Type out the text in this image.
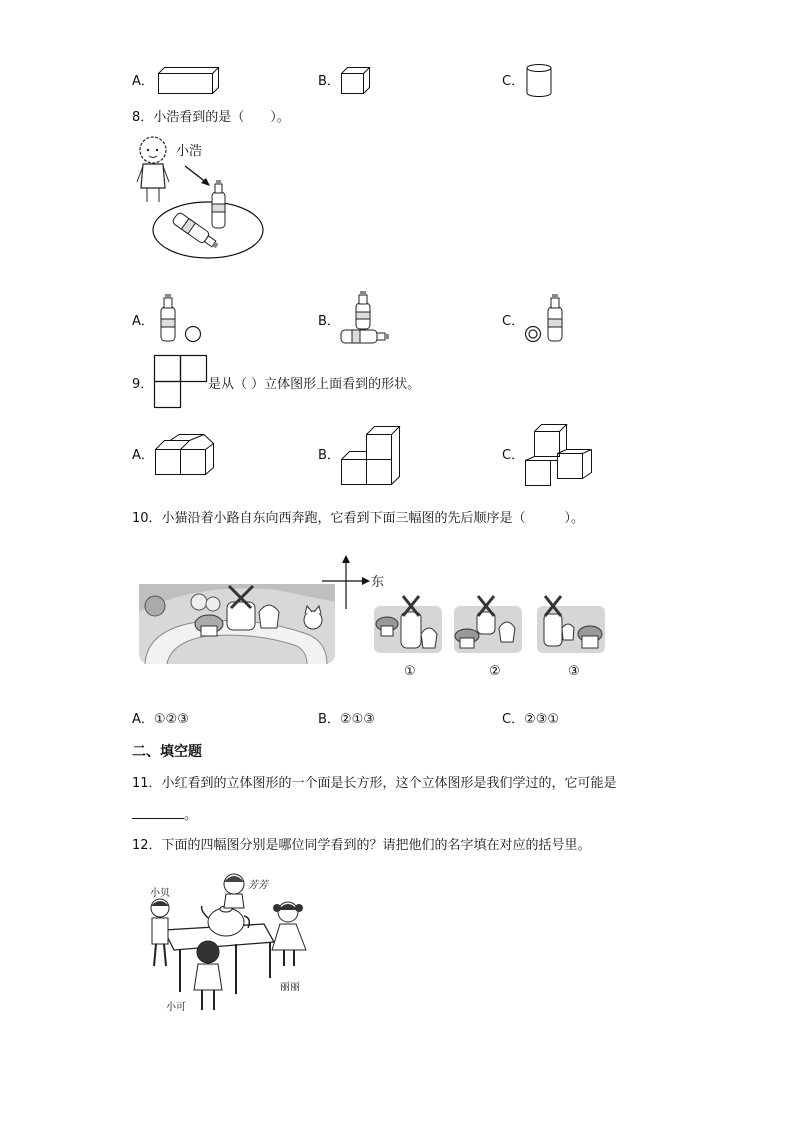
A．	B．	C．
8．小浩看到的是（　　）。
小浩
A．	B．	C．
9．	是从（ ）立体图形上面看到的形状。
A．	B．	C．
10．小猫沿着小路自东向西奔跑，它看到下面三幅图的先后顺序是（　　　）。
东
①	②	③
A．①②③	B．②①③	C．②③①
二、填空题
11．小红看到的立体图形的一个面是长方形，这个立体图形是我们学过的，它可能是
。
12．下面的四幅图分别是哪位同学看到的？请把他们的名字填在对应的括号里。
小贝
芳芳
丽丽
小可
